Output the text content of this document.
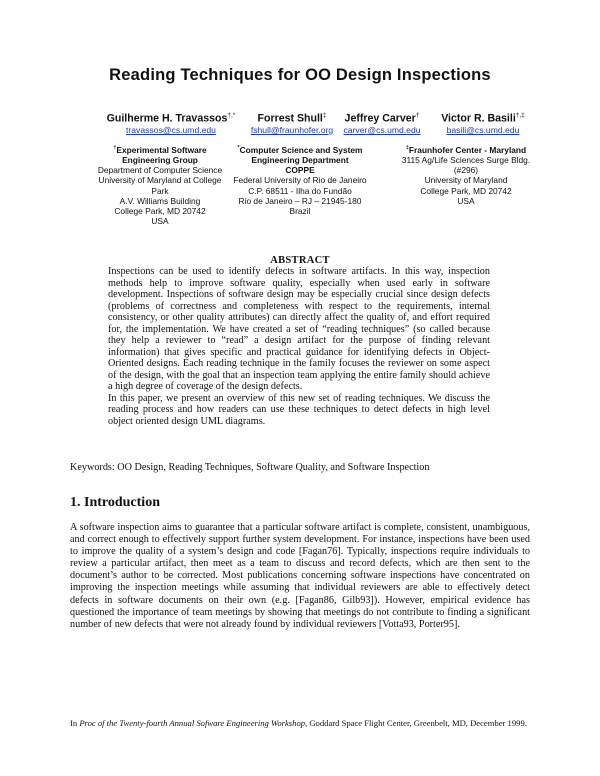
Reading Techniques for OO Design Inspections
Guilherme H. Travassos†,*
travassos@cs.umd.edu
Forrest Shull‡
fshull@fraunhofer.org
Jeffrey Carver†
carver@cs.umd.edu
Victor R. Basili†,‡
basili@cs.umd.edu
†Experimental Software
Engineering Group
Department of Computer Science
University of Maryland at College
Park
A.V. Williams Building
College Park, MD 20742
USA
*Computer Science and System
Engineering Department
COPPE
Federal University of Rio de Janeiro
C.P. 68511 - Ilha do Fundão
Rio de Janeiro – RJ – 21945-180
Brazil
‡Fraunhofer Center - Maryland
3115 Ag/Life Sciences Surge Bldg.
(#296)
University of Maryland
College Park, MD 20742
USA
ABSTRACT

Inspections can be used to identify defects in software artifacts. In this way, inspection methods help to improve software quality, especially when used early in software development. Inspections of software design may be especially crucial since design defects (problems of correctness and completeness with respect to the requirements, internal consistency, or other quality attributes) can directly affect the quality of, and effort required for, the implementation. We have created a set of “reading techniques” (so called because they help a reviewer to “read” a design artifact for the purpose of finding relevant information) that gives specific and practical guidance for identifying defects in Object-Oriented designs. Each reading technique in the family focuses the reviewer on some aspect of the design, with the goal that an inspection team applying the entire family should achieve a high degree of coverage of the design defects.

In this paper, we present an overview of this new set of reading techniques. We discuss the reading process and how readers can use these techniques to detect defects in high level object oriented design UML diagrams.

Keywords: OO Design, Reading Techniques, Software Quality, and Software Inspection
1. Introduction

A software inspection aims to guarantee that a particular software artifact is complete, consistent, unambiguous, and correct enough to effectively support further system development. For instance, inspections have been used to improve the quality of a system’s design and code [Fagan76]. Typically, inspections require individuals to review a particular artifact, then meet as a team to discuss and record defects, which are then sent to the document’s author to be corrected. Most publications concerning software inspections have concentrated on improving the inspection meetings while assuming that individual reviewers are able to effectively detect defects in software documents on their own (e.g. [Fagan86, Gilb93]). However, empirical evidence has questioned the importance of team meetings by showing that meetings do not contribute to finding a significant number of new defects that were not already found by individual reviewers [Votta93, Porter95].

In Proc of the Twenty-fourth Annual Sofware Engineering Workshop, Goddard Space Flight Center, Greenbelt, MD, December 1999.
